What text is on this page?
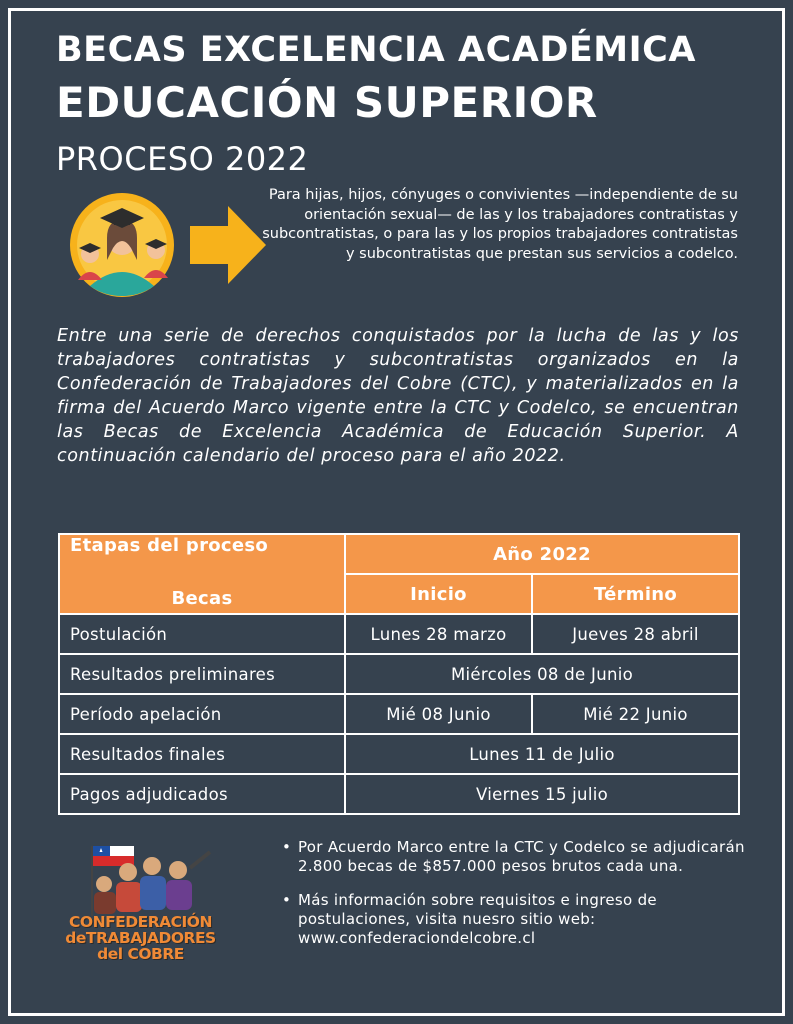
BECAS EXCELENCIA ACADÉMICA
EDUCACIÓN SUPERIOR
PROCESO 2022
Para hijas, hijos, cónyuges o convivientes —independiente de su orientación sexual— de las y los trabajadores contratistas y subcontratistas, o para las y los propios trabajadores contratistas y subcontratistas que prestan sus servicios a codelco.
Entre una serie de derechos conquistados por la lucha de las y los trabajadores contratistas y subcontratistas organizados en la Confederación de Trabajadores del Cobre (CTC), y materializados en la firma del Acuerdo Marco vigente entre la CTC y Codelco, se encuentran las Becas de Excelencia Académica de Educación Superior. A continuación calendario del proceso para el año 2022.
Etapas del proceso
Becas	Año 2022	
	Inicio	Término
Postulación	Lunes 28 marzo	Jueves 28 abril
Resultados preliminares	Miércoles 08 de Junio	
Período apelación	Mié 08 Junio	Mié 22 Junio
Resultados finales	Lunes 11 de Julio	
Pagos adjudicados	Viernes 15 julio	
CONFEDERACIÓN
deTRABAJADORES
del COBRE
• Por Acuerdo Marco entre la CTC y Codelco se adjudicarán 2.800 becas de $857.000 pesos brutos cada una.
• Más información sobre requisitos e ingreso de postulaciones, visita nuesro sitio web: www.confederaciondelcobre.cl
